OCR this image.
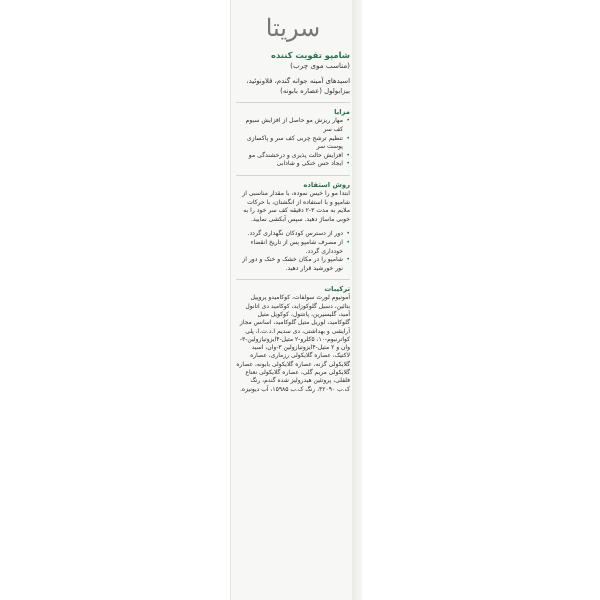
سریتا
شامپو تقویت کننده
(مناسب موی چرب)
اسیدهای آمینه جوانه گندم، فلاونوئید، بیزابولول (عصاره بابونه)
مزایا
•
مهار ریزش مو حاصل از افزایش سبوم کف سر
•
تنظیم ترشح چربی کف سر و پاکسازی پوست سر
•
افزایش حالت پذیری و درخشندگی مو
•
ایجاد حس خنکی و شادابی
روش استفاده
ابتدا مو را خیس نموده، با مقدار مناسبی از شامپو و با استفاده از انگشتان، با حرکات ملایم به مدت ۳-۲ دقیقه کف سر خود را به خوبی ماساژ دهید. سپس آبکشی نمایید.
•
دور از دسترس کودکان نگهداری گردد.
•
از مصرف شامپو پس از تاریخ انقضاء خودداری گردد.
•
شامپو را در مکان خشک و خنک و دور از نور خورشید قرار دهید.
ترکیبات
آمونیوم لورث سولفات، کوکامیدو پروپیل بتائین، دسیل گلوکوزاید، کوکامید دی اتانول آمید، گلیسیرین، پانتنول، کوکویل متیل گلوکامید، لوریل متیل گلوکامید، اسانس مجاز آرایشی و بهداشتی، دی سدیم ا.د.ت.ا، پلی کواترنیوم-۱۰، ۵کلرو-۲ متیل-۴ایزوتیازولین-۳-وان و ۲ متیل-۴ایزوتیازولین ۳-وان، اسید لاکتیک، عصاره گلایکولی رزماری، عصاره گلایکولی گزنه، عصاره گلایکولی بابونه، عصاره گلایکولی مریم گلی، عصاره گلایکولی نعناع فلفلی، پروتئین هیدرولیز شده گندم، رنگ ک.ب ۴۲۰۹۰، رنگ ک.ب ۱۵۹۸۵، آب دیونیزه.
